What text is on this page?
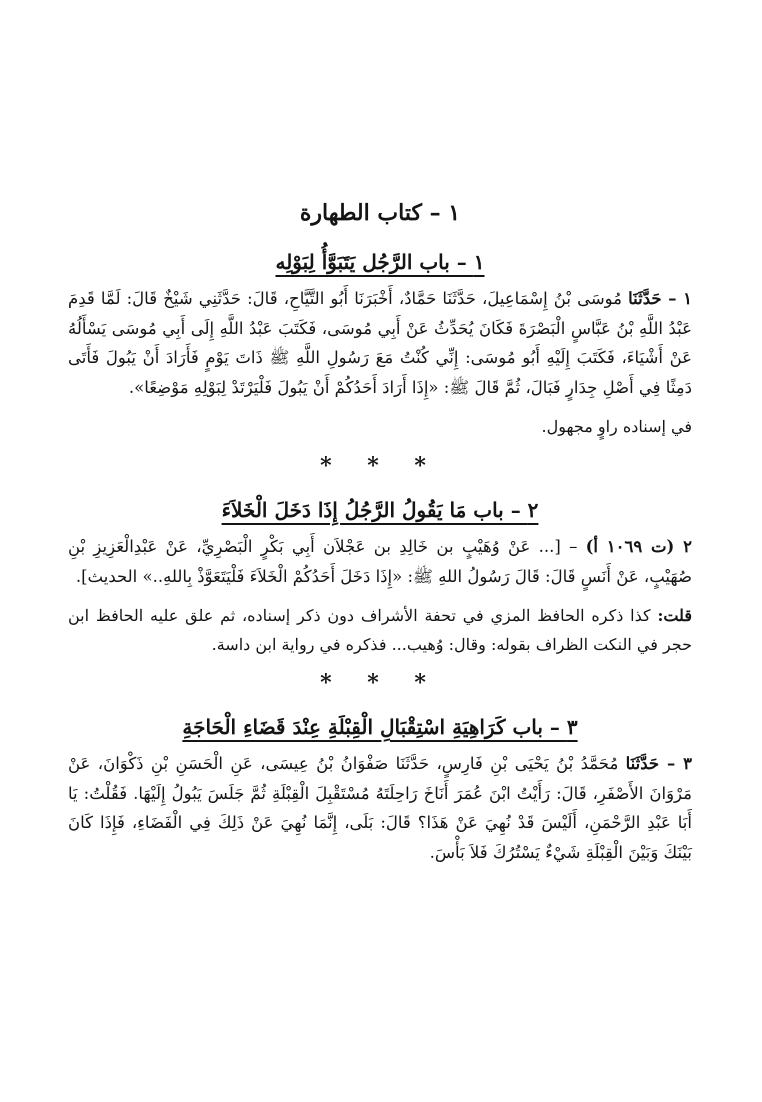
١ – كتاب الطهارة
١ – باب الرَّجُل يَتَبَوَّأُ لِبَوْلِه

١ – حَدَّثَنَا مُوسَى بْنُ إِسْمَاعِيلَ، حَدَّثَنَا حَمَّادٌ، أَخْبَرَنَا أَبُو التَّيَّاحِ، قَالَ: حَدَّثَنِي شَيْخٌ قَالَ: لَمَّا قَدِمَ عَبْدُ اللَّهِ بْنُ عَبَّاسٍ الْبَصْرَةَ فَكَانَ يُحَدِّثُ عَنْ أَبِي مُوسَى، فَكَتَبَ عَبْدُ اللَّهِ إِلَى أَبِي مُوسَى يَسْأَلُهُ عَنْ أَشْيَاءَ، فَكَتَبَ إِلَيْهِ أَبُو مُوسَى: إِنِّي كُنْتُ مَعَ رَسُولِ اللَّهِ ﷺ ذَاتَ يَوْمٍ فَأَرَادَ أَنْ يَبُولَ فَأَتَى دَمِثًا فِي أَصْلِ جِدَارٍ فَبَالَ، ثُمَّ قَالَ ﷺ: «إِذَا أَرَادَ أَحَدُكُمْ أَنْ يَبُولَ فَلْيَرْتَدْ لِبَوْلِهِ مَوْضِعًا».

في إسناده راوٍ مجهول.

* * *
٢ – باب مَا يَقُولُ الرَّجُلُ إِذَا دَخَلَ الْخَلاَءَ

٢ (ت ١٠٦٩ أ) – [... عَنْ وُهَيْبٍ بن خَالِدِ بن عَجْلاَن أَبِي بَكْرٍ الْبَصْرِيِّ، عَنْ عَبْدِالْعَزِيزِ بْنِ صُهَيْبٍ، عَنْ أَنَسٍ قَالَ: قَالَ رَسُولُ اللهِ ﷺ: «إِذَا دَخَلَ أَحَدُكُمْ الْخَلاَءَ فَلْيَتَعَوَّذْ بِاللهِ..» الحديث].

قلت: كذا ذكره الحافظ المزي في تحفة الأشراف دون ذكر إسناده، ثم علق عليه الحافظ ابن حجر في النكت الظراف بقوله: وقال: وُهيب... فذكره في رواية ابن داسة.

* * *
٣ – باب كَرَاهِيَةِ اسْتِقْبَالِ الْقِبْلَةِ عِنْدَ قَضَاءِ الْحَاجَةِ

٣ – حَدَّثَنَا مُحَمَّدُ بْنُ يَحْيَى بْنِ فَارِسٍ، حَدَّثَنَا صَفْوَانُ بْنُ عِيسَى، عَنِ الْحَسَنِ بْنِ ذَكْوَانَ، عَنْ مَرْوَانَ الأَصْفَرِ، قَالَ: رَأَيْتُ ابْنَ عُمَرَ أَنَاخَ رَاحِلَتَهُ مُسْتَقْبِلَ الْقِبْلَةِ ثُمَّ جَلَسَ يَبُولُ إِلَيْهَا. فَقُلْتُ: يَا أَبَا عَبْدِ الرَّحْمَنِ، أَلَيْسَ قَدْ نُهِيَ عَنْ هَذَا؟ قَالَ: بَلَى، إِنَّمَا نُهِيَ عَنْ ذَلِكَ فِي الْفَضَاءِ، فَإِذَا كَانَ بَيْنَكَ وَبَيْنَ الْقِبْلَةِ شَيْءٌ يَسْتُرُكَ فَلاَ بَأْسَ.
